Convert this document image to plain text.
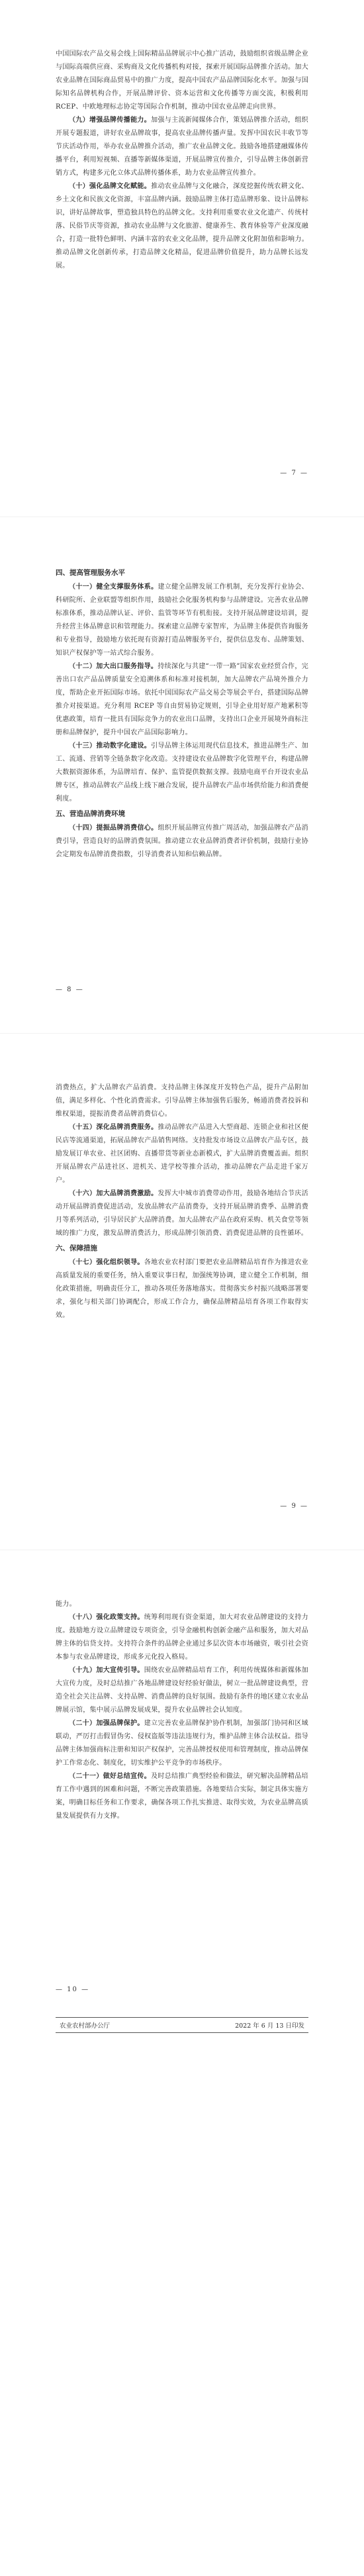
中国国际农产品交易会线上国际精品品牌展示中心推广活动，鼓励组织省级品牌企业与国际高端供应商、采购商及文化传播机构对接，探索开展国际品牌推介活动。加大农业品牌在国际商品贸易中的推广力度，提高中国农产品品牌国际化水平。加强与国际知名品牌机构合作，开展品牌评价、资本运营和文化传播等方面交流，积极利用 RCEP、中欧地理标志协定等国际合作机制，推动中国农业品牌走向世界。

（九）增强品牌传播能力。加强与主流新闻媒体合作，策划品牌推介活动，组织开展专题报道，讲好农业品牌故事，提高农业品牌传播声量。发挥中国农民丰收节等节庆活动作用，举办农业品牌推介活动，推广农业品牌文化。鼓励各地搭建融媒体传播平台，利用短视频、直播等新媒体渠道，开展品牌宣传推介，引导品牌主体创新营销方式，构建多元化立体式品牌传播体系，助力农业品牌宣传推介。

（十）强化品牌文化赋能。推动农业品牌与文化融合，深度挖掘传统农耕文化、乡土文化和民族文化资源，丰富品牌内涵。鼓励品牌主体打造品牌形象、设计品牌标识，讲好品牌故事，塑造独具特色的品牌文化。支持利用重要农业文化遗产、传统村落、民俗节庆等资源，推动农业品牌与文化旅游、健康养生、教育体验等产业深度融合，打造一批特色鲜明、内涵丰富的农业文化品牌，提升品牌文化附加值和影响力。推动品牌文化创新传承，打造品牌文化精品，促进品牌价值提升，助力品牌长远发展。

— 7 —
四、提高管理服务水平

（十一）健全支撑服务体系。建立健全品牌发展工作机制，充分发挥行业协会、科研院所、企业联盟等组织作用，鼓励社会化服务机构参与品牌建设。完善农业品牌标准体系，推动品牌认证、评价、监管等环节有机衔接。支持开展品牌建设培训，提升经营主体品牌意识和管理能力。探索建立品牌专家智库，为品牌主体提供咨询服务和专业指导，鼓励地方依托现有资源打造品牌服务平台，提供信息发布、品牌策划、知识产权保护等一站式综合服务。

（十二）加大出口服务指导。持续深化与共建“一带一路”国家农业经贸合作，完善出口农产品品牌质量安全追溯体系和标准对接机制，加大品牌农产品境外推介力度，帮助企业开拓国际市场。依托中国国际农产品交易会等展会平台，搭建国际品牌推介对接渠道。充分利用 RCEP 等自由贸易协定规则，引导企业用好原产地累积等优惠政策，培育一批具有国际竞争力的农业出口品牌，支持出口企业开展境外商标注册和品牌保护，提升中国农产品国际影响力。

（十三）推动数字化建设。引导品牌主体运用现代信息技术，推进品牌生产、加工、流通、营销等全链条数字化改造。支持建设农业品牌数字化管理平台，构建品牌大数据资源体系，为品牌培育、保护、监管提供数据支撑。鼓励电商平台开设农业品牌专区，推动品牌农产品线上线下融合发展，提升品牌农产品市场供给能力和消费便利度。

五、营造品牌消费环境

（十四）提振品牌消费信心。组织开展品牌宣传推广周活动，加强品牌农产品消费引导，营造良好的品牌消费氛围。推动建立农业品牌消费者评价机制，鼓励行业协会定期发布品牌消费指数，引导消费者认知和信赖品牌。

— 8 —

消费热点，扩大品牌农产品消费。支持品牌主体深度开发特色产品，提升产品附加值，满足多样化、个性化消费需求。引导品牌主体加强售后服务，畅通消费者投诉和维权渠道，提振消费者品牌消费信心。

（十五）深化品牌消费服务。推动品牌农产品进入大型商超、连锁企业和社区便民店等流通渠道，拓展品牌农产品销售网络。支持批发市场设立品牌农产品专区，鼓励发展订单农业、社区团购、直播带货等新业态新模式，扩大品牌消费覆盖面。组织开展品牌农产品进社区、进机关、进学校等推介活动，推动品牌农产品走进千家万户。

（十六）加大品牌消费激励。发挥大中城市消费带动作用，鼓励各地结合节庆活动开展品牌消费促进活动，发放品牌农产品消费券，支持开展品牌消费季、品牌消费月等系列活动，引导居民扩大品牌消费。加大品牌农产品在政府采购、机关食堂等领域的推广力度，激发品牌消费活力，形成品牌引领消费、消费促进品牌的良性循环。

六、保障措施

（十七）强化组织领导。各地农业农村部门要把农业品牌精品培育作为推进农业高质量发展的重要任务，纳入重要议事日程，加强统筹协调，建立健全工作机制，细化政策措施，明确责任分工，推动各项任务落地落实。贯彻落实乡村振兴战略部署要求，强化与相关部门协调配合，形成工作合力，确保品牌精品培育各项工作取得实效。

— 9 —

能力。

（十八）强化政策支持。统筹利用现有资金渠道，加大对农业品牌建设的支持力度。鼓励地方设立品牌建设专项资金，引导金融机构创新金融产品和服务，加大对品牌主体的信贷支持。支持符合条件的品牌企业通过多层次资本市场融资，吸引社会资本参与农业品牌建设，形成多元化投入格局。

（十九）加大宣传引导。围绕农业品牌精品培育工作，利用传统媒体和新媒体加大宣传力度，及时总结推广各地品牌建设好经验好做法，树立一批品牌建设典型，营造全社会关注品牌、支持品牌、消费品牌的良好氛围。鼓励有条件的地区建立农业品牌展示馆，集中展示品牌发展成果，提升农业品牌社会认知度。

（二十）加强品牌保护。建立完善农业品牌保护协作机制，加强部门协同和区域联动，严厉打击假冒伪劣、侵权盗版等违法违规行为，维护品牌主体合法权益。指导品牌主体加强商标注册和知识产权保护，完善品牌授权使用和管理制度，推动品牌保护工作常态化、制度化，切实维护公平竞争的市场秩序。

（二十一）做好总结宣传。及时总结推广典型经验和做法，研究解决品牌精品培育工作中遇到的困难和问题，不断完善政策措施。各地要结合实际，制定具体实施方案，明确目标任务和工作要求，确保各项工作扎实推进、取得实效，为农业品牌高质量发展提供有力支撑。

— 10 —
农业农村部办公厅	2022 年 6 月 13 日印发
